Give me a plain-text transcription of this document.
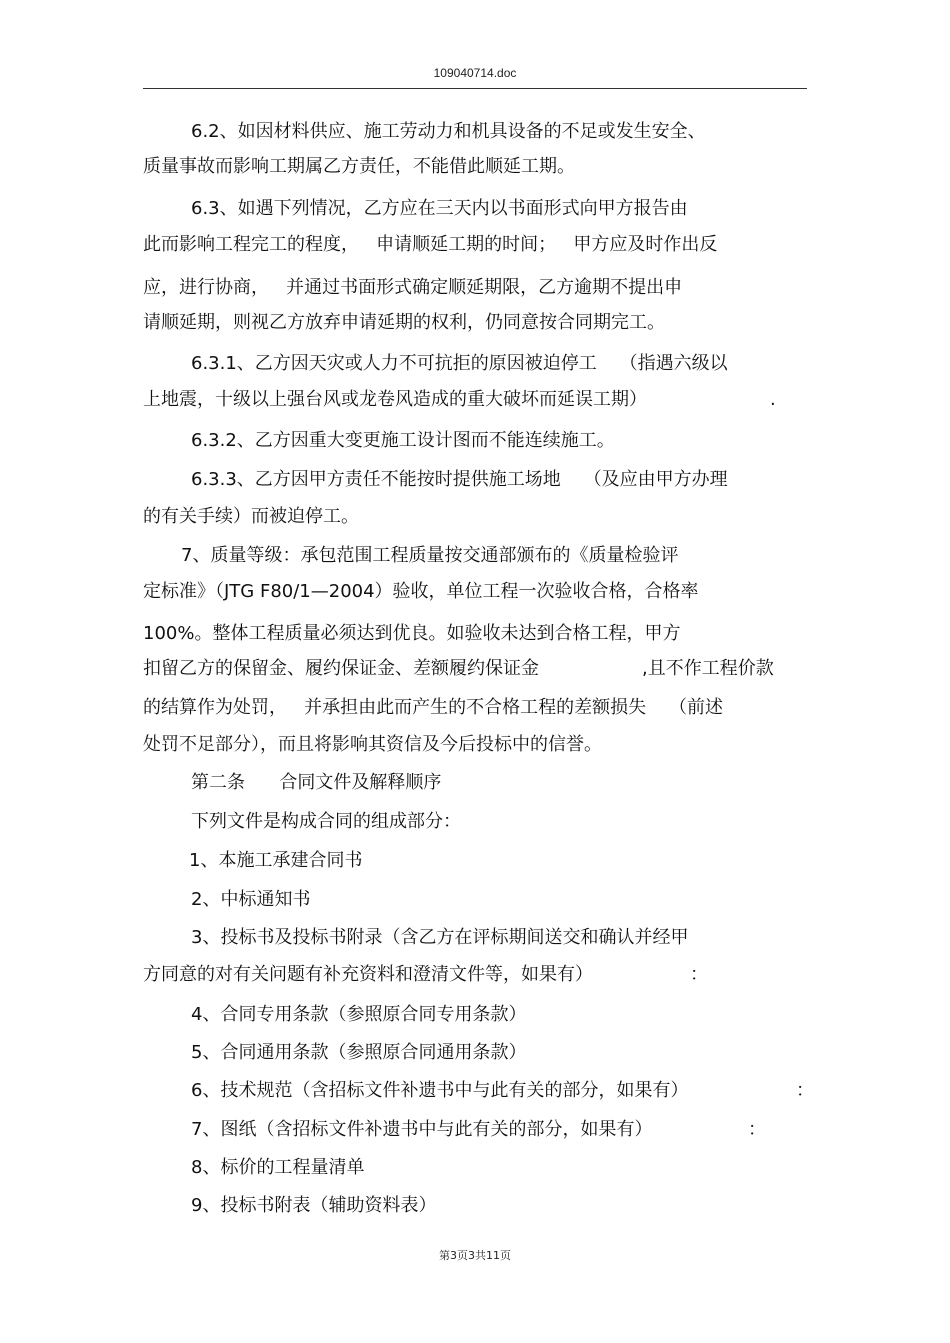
109040714.doc
6.2、如因材料供应、施工劳动力和机具设备的不足或发生安全、
质量事故而影响工期属乙方责任，不能借此顺延工期。
6.3、如遇下列情况，乙方应在三天内以书面形式向甲方报告由
此而影响工程完工的程度，   申请顺延工期的时间；   甲方应及时作出反
应，进行协商，   并通过书面形式确定顺延期限，乙方逾期不提出申
请顺延期，则视乙方放弃申请延期的权利，仍同意按合同期完工。
6.3.1、乙方因天灾或人力不可抗拒的原因被迫停工    （指遇六级以
上地震，十级以上强台风或龙卷风造成的重大破坏而延误工期）	.
6.3.2、乙方因重大变更施工设计图而不能连续施工。
6.3.3、乙方因甲方责任不能按时提供施工场地    （及应由甲方办理
的有关手续）而被迫停工。
7、质量等级：承包范围工程质量按交通部颁布的《质量检验评
定标准》（JTG F80/1—2004）验收，单位工程一次验收合格，合格率
100%。整体工程质量必须达到优良。如验收未达到合格工程，甲方
扣留乙方的保留金、履约保证金、差额履约保证金	,且不作工程价款
的结算作为处罚，   并承担由此而产生的不合格工程的差额损失    （前述
处罚不足部分），而且将影响其资信及今后投标中的信誉。
第二条      合同文件及解释顺序
下列文件是构成合同的组成部分：
1、本施工承建合同书
2、中标通知书
3、投标书及投标书附录（含乙方在评标期间送交和确认并经甲
方同意的对有关问题有补充资料和澄清文件等，如果有）	：
4、合同专用条款（参照原合同专用条款）
5、合同通用条款（参照原合同通用条款）
6、技术规范（含招标文件补遗书中与此有关的部分，如果有）	：
7、图纸（含招标文件补遗书中与此有关的部分，如果有）	：
8、标价的工程量清单
9、投标书附表（辅助资料表）
第3页3共11页
